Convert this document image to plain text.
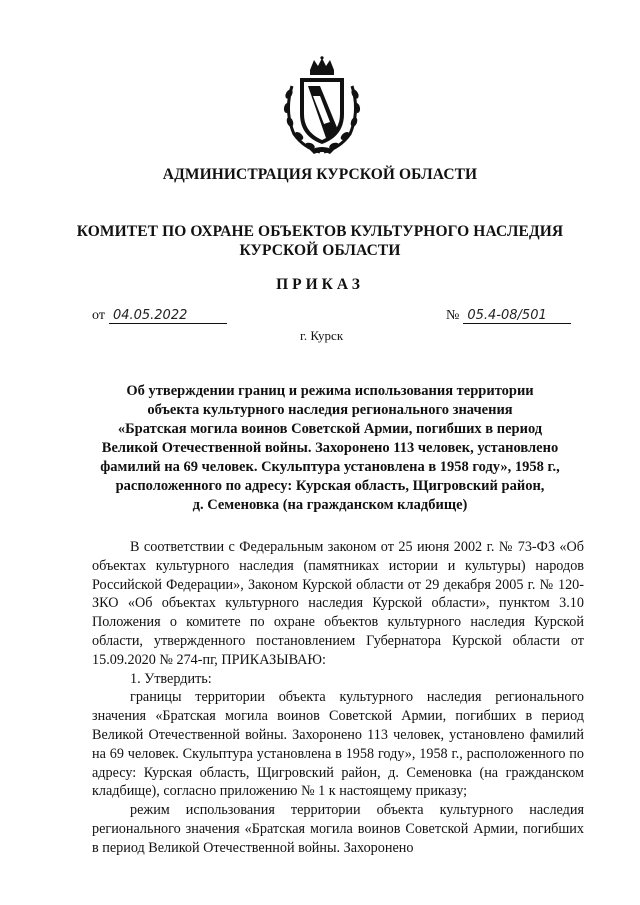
АДМИНИСТРАЦИЯ КУРСКОЙ ОБЛАСТИ
КОМИТЕТ ПО ОХРАНЕ ОБЪЕКТОВ КУЛЬТУРНОГО НАСЛЕДИЯ
КУРСКОЙ ОБЛАСТИ
ПРИКАЗ
от 04.05.2022	№ 05.4-08/501
г. Курск
Об утверждении границ и режима использования территории
объекта культурного наследия регионального значения
«Братская могила воинов Советской Армии, погибших в период
Великой Отечественной войны. Захоронено 113 человек, установлено
фамилий на 69 человек. Скульптура установлена в 1958 году», 1958 г.,
расположенного по адресу: Курская область, Щигровский район,
д. Семеновка (на гражданском кладбище)

В соответствии с Федеральным законом от 25 июня 2002 г. № 73-ФЗ «Об объектах культурного наследия (памятниках истории и культуры) народов Российской Федерации», Законом Курской области от 29 декабря 2005 г. № 120-ЗКО «Об объектах культурного наследия Курской области», пунктом 3.10 Положения о комитете по охране объектов культурного наследия Курской области, утвержденного постановлением Губернатора Курской области от 15.09.2020 № 274-пг, ПРИКАЗЫВАЮ:

1. Утвердить:

границы территории объекта культурного наследия регионального значения «Братская могила воинов Советской Армии, погибших в период Великой Отечественной войны. Захоронено 113 человек, установлено фамилий на 69 человек. Скульптура установлена в 1958 году», 1958 г., расположенного по адресу: Курская область, Щигровский район, д. Семеновка (на гражданском кладбище), согласно приложению № 1 к настоящему приказу;

режим использования территории объекта культурного наследия регионального значения «Братская могила воинов Советской Армии, погибших в период Великой Отечественной войны. Захоронено
